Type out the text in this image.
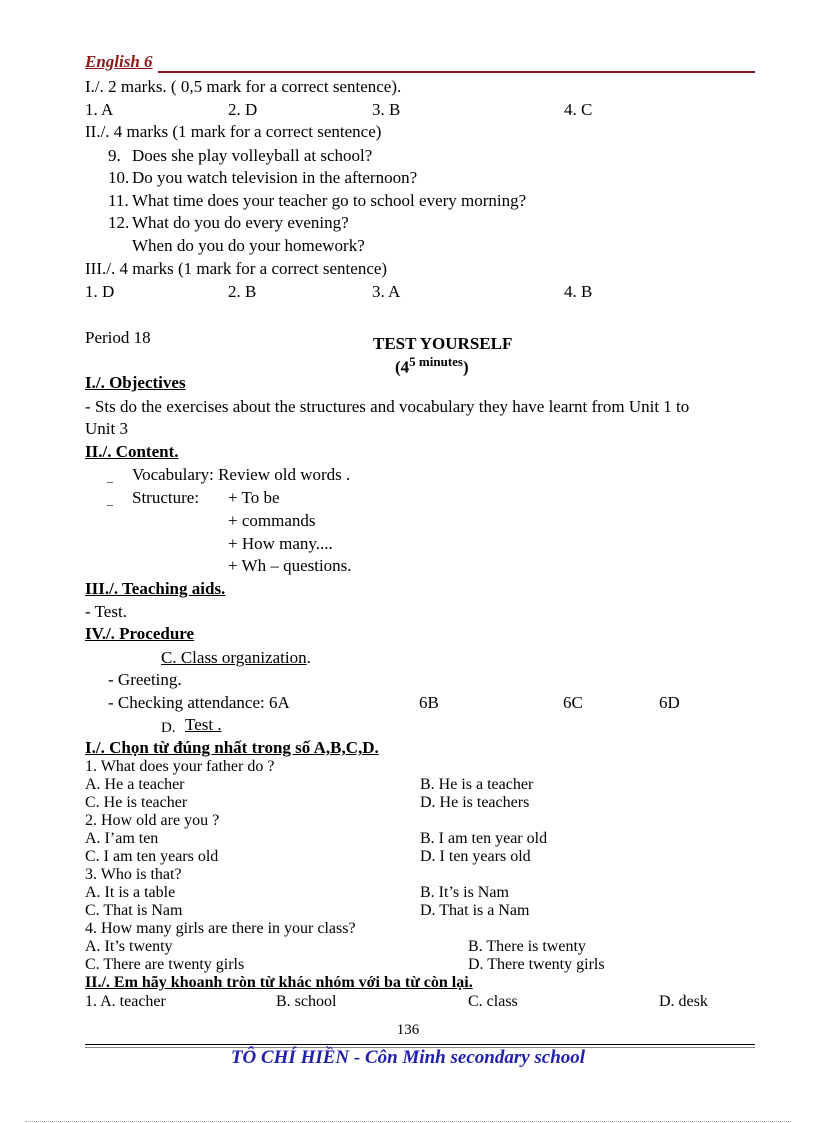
English 6
I./. 2 marks. ( 0,5 mark for a correct sentence).
1. A	2. D	3. B	4. C
II./. 4 marks (1 mark for a correct sentence)
9. Does she play volleyball at school?
10. Do you watch television in the afternoon?
11. What time does your teacher go to school every morning?
12. What do you do every evening?
When do you do your homework?
III./. 4 marks (1 mark for a correct sentence)
1. D	2. B	3. A	4. B
Period 18	TEST YOURSELF
$(4^{5 minutes})$
I./. Objectives
- Sts do the exercises about the structures and vocabulary they have learnt from Unit 1 to
Unit 3
II./. Content.
_ Vocabulary: Review old words .
_ Structure: + To be
+ commands
+ How many....
+ Wh – questions.
III./. Teaching aids.
- Test.
IV./. Procedure
C. Class organization.
- Greeting.
- Checking attendance: 6A	6B	6C	6D
D. Test .
I./. Chọn từ đúng nhất trong số A,B,C,D.
1. What does your father do ?
A. He a teacher	B. He is a teacher
C. He is teacher	D. He is teachers
2. How old are you ?
A. I’am ten	B. I am ten year old
C. I am ten years old	D. I ten years old
3. Who is that?
A. It is a table	B. It’s is Nam
C. That is Nam	D. That is a Nam
4. How many girls are there in your class?
A. It’s twenty	B. There is twenty
C. There are twenty girls	D. There twenty girls
II./. Em hãy khoanh tròn từ khác nhóm với ba từ còn lại.
1. A. teacher	B. school	C. class	D. desk
136
TÔ CHÍ HIỀN - Côn Minh secondary school
